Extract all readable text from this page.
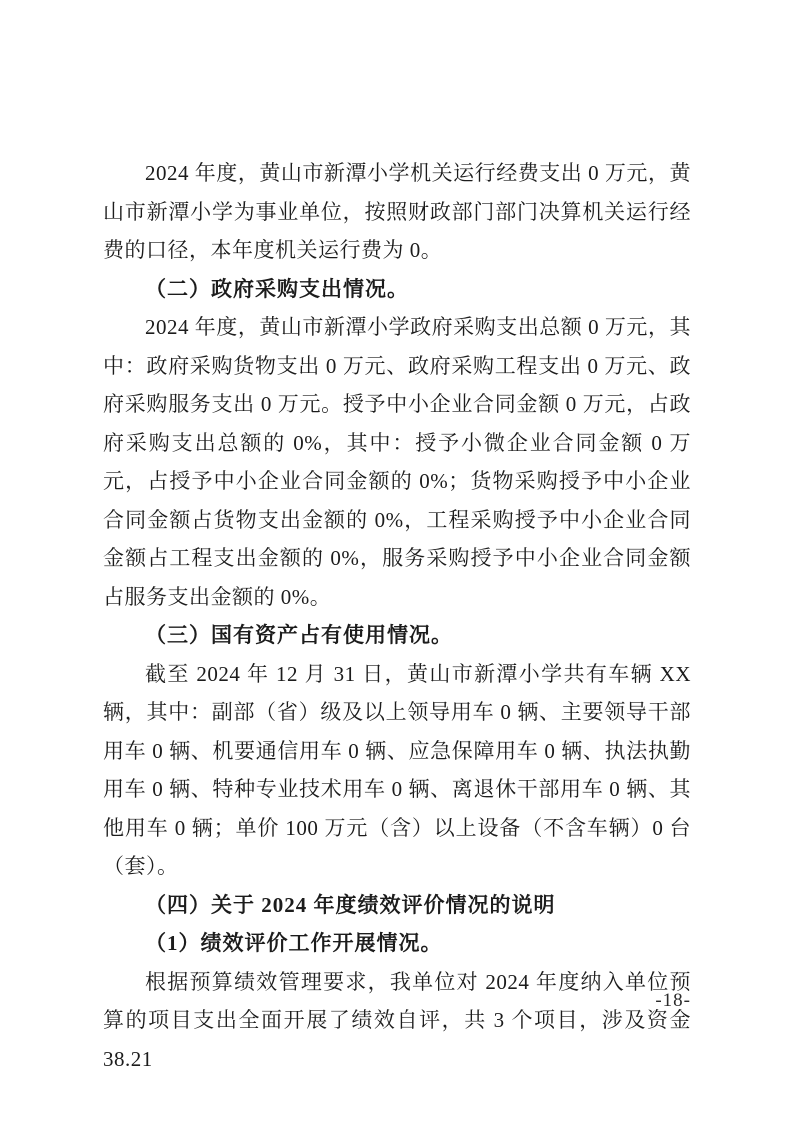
2024 年度，黄山市新潭小学机关运行经费支出 0 万元，黄山市新潭小学为事业单位，按照财政部门部门决算机关运行经费的口径，本年度机关运行费为 0。

（二）政府采购支出情况。

2024 年度，黄山市新潭小学政府采购支出总额 0 万元，其中：政府采购货物支出 0 万元、政府采购工程支出 0 万元、政府采购服务支出 0 万元。授予中小企业合同金额 0 万元，占政府采购支出总额的 0%，其中：授予小微企业合同金额 0 万元，占授予中小企业合同金额的 0%；货物采购授予中小企业合同金额占货物支出金额的 0%，工程采购授予中小企业合同金额占工程支出金额的 0%，服务采购授予中小企业合同金额占服务支出金额的 0%。

（三）国有资产占有使用情况。

截至 2024 年 12 月 31 日，黄山市新潭小学共有车辆 XX 辆，其中：副部（省）级及以上领导用车 0 辆、主要领导干部用车 0 辆、机要通信用车 0 辆、应急保障用车 0 辆、执法执勤用车 0 辆、特种专业技术用车 0 辆、离退休干部用车 0 辆、其他用车 0 辆；单价 100 万元（含）以上设备（不含车辆）0 台（套）。

（四）关于 2024 年度绩效评价情况的说明

（1）绩效评价工作开展情况。

根据预算绩效管理要求，我单位对 2024 年度纳入单位预算的项目支出全面开展了绩效自评，共 3 个项目，涉及资金 38.21

-18-
